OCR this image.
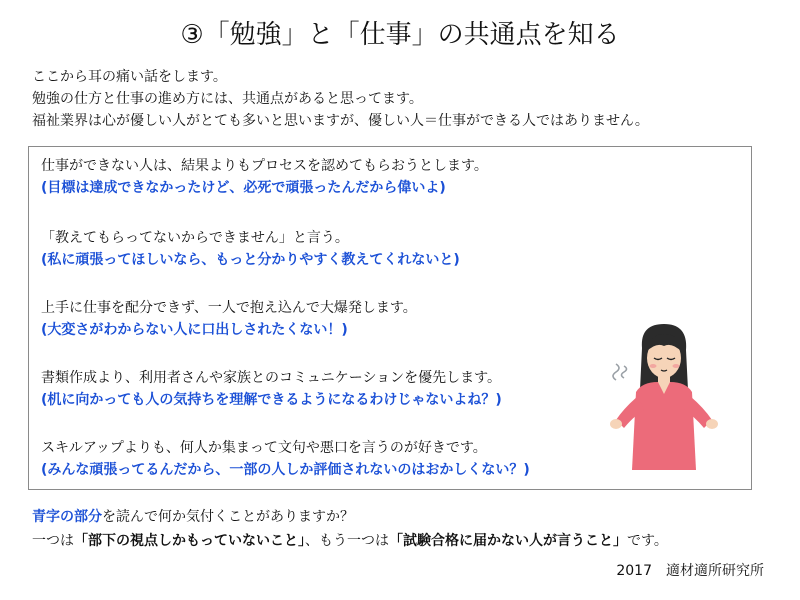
③「勉強」と「仕事」の共通点を知る
ここから耳の痛い話をします。
勉強の仕方と仕事の進め方には、共通点があると思ってます。
福祉業界は心が優しい人がとても多いと思いますが、優しい人＝仕事ができる人ではありません。
仕事ができない人は、結果よりもプロセスを認めてもらおうとします。
(目標は達成できなかったけど、必死で頑張ったんだから偉いよ)
「教えてもらってないからできません」と言う。
(私に頑張ってほしいなら、もっと分かりやすく教えてくれないと)
上手に仕事を配分できず、一人で抱え込んで大爆発します。
(大変さがわからない人に口出しされたくない！)
書類作成より、利用者さんや家族とのコミュニケーションを優先します。
(机に向かっても人の気持ちを理解できるようになるわけじゃないよね？)
スキルアップよりも、何人か集まって文句や悪口を言うのが好きです。
(みんな頑張ってるんだから、一部の人しか評価されないのはおかしくない？)
青字の部分を読んで何か気付くことがありますか？
一つは「部下の視点しかもっていないこと」、もう一つは「試験合格に届かない人が言うこと」です。
2017　適材適所研究所
